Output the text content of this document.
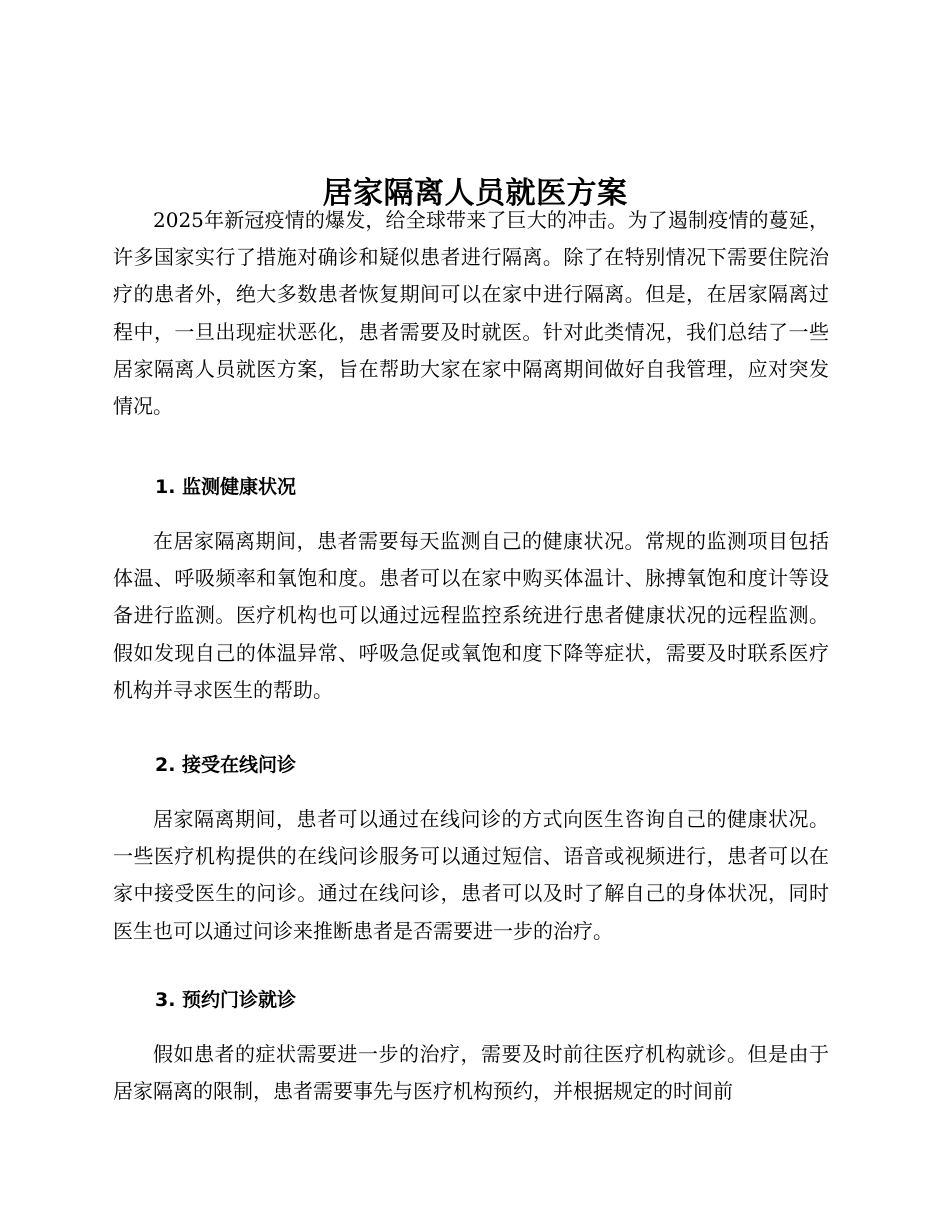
居家隔离人员就医方案

2025年新冠疫情的爆发，给全球带来了巨大的冲击。为了遏制疫情的蔓延，许多国家实行了措施对确诊和疑似患者进行隔离。除了在特别情况下需要住院治疗的患者外，绝大多数患者恢复期间可以在家中进行隔离。但是，在居家隔离过程中，一旦出现症状恶化，患者需要及时就医。针对此类情况，我们总结了一些居家隔离人员就医方案，旨在帮助大家在家中隔离期间做好自我管理，应对突发情况。

1. 监测健康状况

在居家隔离期间，患者需要每天监测自己的健康状况。常规的监测项目包括体温、呼吸频率和氧饱和度。患者可以在家中购买体温计、脉搏氧饱和度计等设备进行监测。医疗机构也可以通过远程监控系统进行患者健康状况的远程监测。假如发现自己的体温异常、呼吸急促或氧饱和度下降等症状，需要及时联系医疗机构并寻求医生的帮助。

2. 接受在线问诊

居家隔离期间，患者可以通过在线问诊的方式向医生咨询自己的健康状况。一些医疗机构提供的在线问诊服务可以通过短信、语音或视频进行，患者可以在家中接受医生的问诊。通过在线问诊，患者可以及时了解自己的身体状况，同时医生也可以通过问诊来推断患者是否需要进一步的治疗。

3. 预约门诊就诊

假如患者的症状需要进一步的治疗，需要及时前往医疗机构就诊。但是由于居家隔离的限制，患者需要事先与医疗机构预约，并根据规定的时间前
